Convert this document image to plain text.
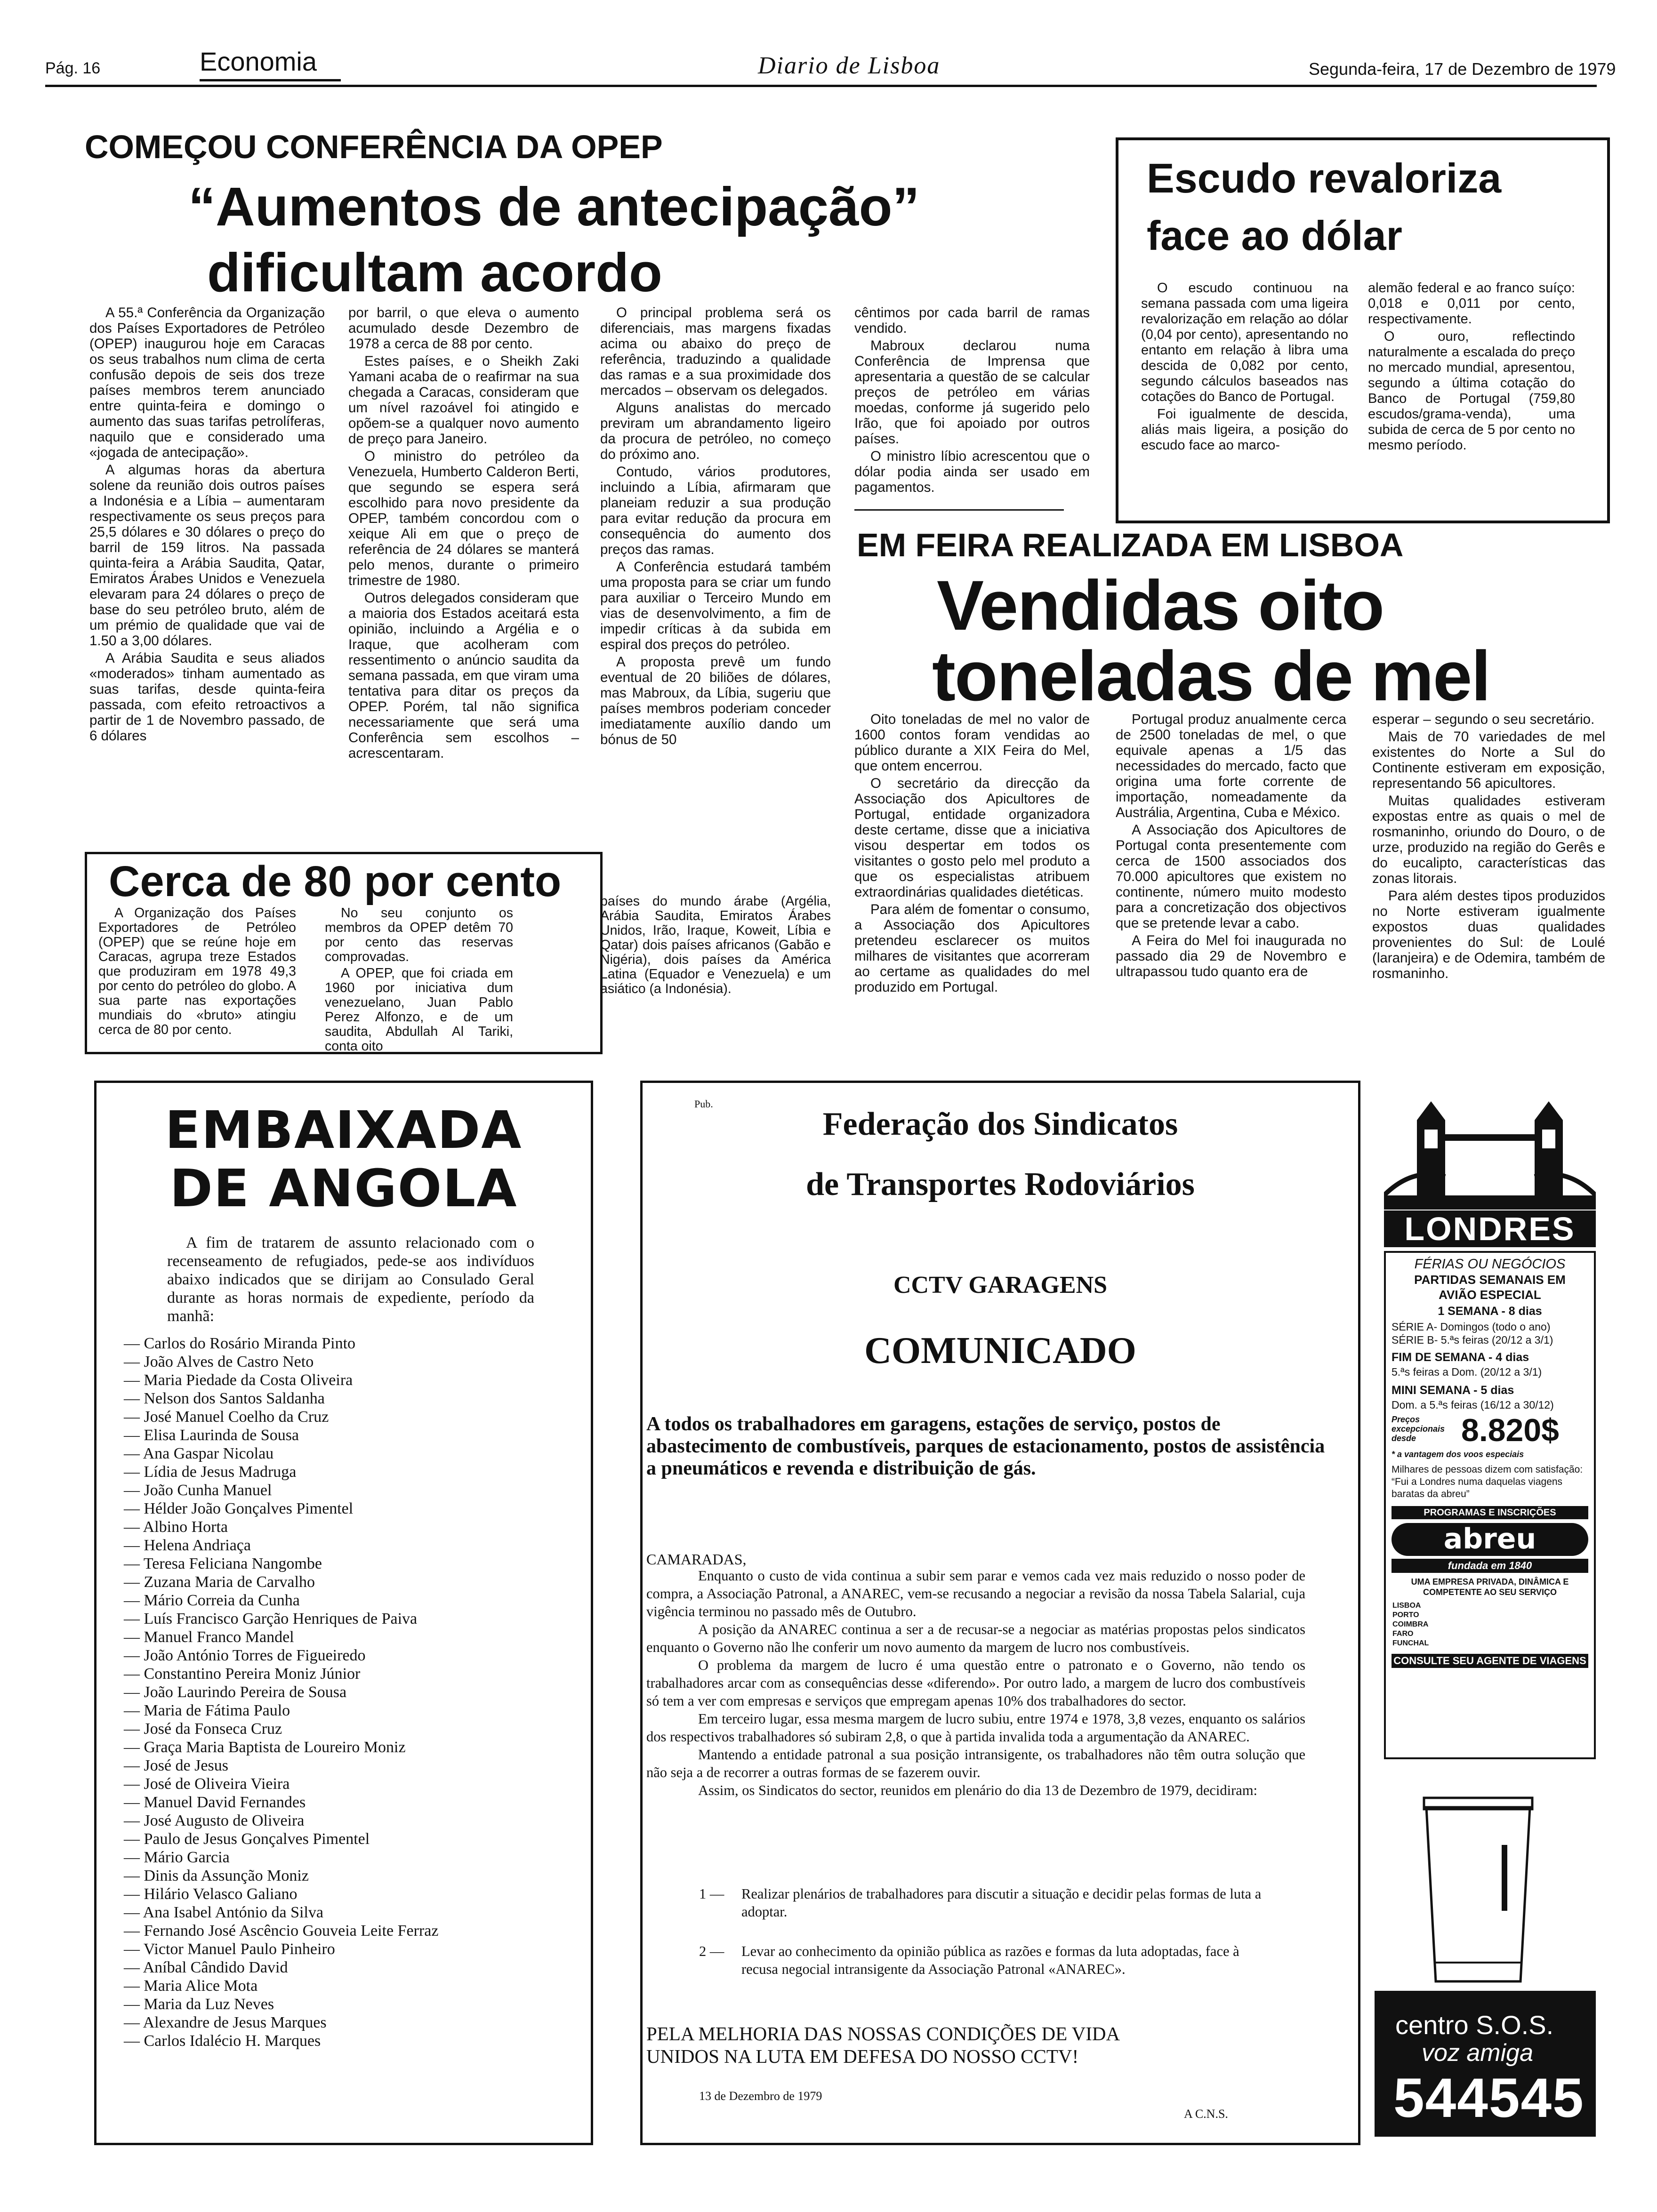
Pág. 16	Economia	Diario de Lisboa	Segunda-feira, 17 de Dezembro de 1979
COMEÇOU CONFERÊNCIA DA OPEP
“Aumentos de antecipação”
dificultam acordo

A 55.ª Conferência da Organização dos Países Exportadores de Petróleo (OPEP) inaugurou hoje em Caracas os seus trabalhos num clima de certa confusão depois de seis dos treze países membros terem anunciado entre quinta-feira e domingo o aumento das suas tarifas petrolíferas, naquilo que e considerado uma «jogada de antecipação».

A algumas horas da abertura solene da reunião dois outros países a Indonésia e a Líbia – aumentaram respectivamente os seus preços para 25,5 dólares e 30 dólares o preço do barril de 159 litros. Na passada quinta-feira a Arábia Saudita, Qatar, Emiratos Árabes Unidos e Venezuela elevaram para 24 dólares o preço de base do seu petróleo bruto, além de um prémio de qualidade que vai de 1.50 a 3,00 dólares.

A Arábia Saudita e seus aliados «moderados» tinham aumentado as suas tarifas, desde quinta-feira passada, com efeito retroactivos a partir de 1 de Novembro passado, de 6 dólares

por barril, o que eleva o aumento acumulado desde Dezembro de 1978 a cerca de 88 por cento.

Estes países, e o Sheikh Zaki Yamani acaba de o reafirmar na sua chegada a Caracas, consideram que um nível razoável foi atingido e opõem-se a qualquer novo aumento de preço para Janeiro.

O ministro do petróleo da Venezuela, Humberto Calderon Berti, que segundo se espera será escolhido para novo presidente da OPEP, também concordou com o xeique Ali em que o preço de referência de 24 dólares se manterá pelo menos, durante o primeiro trimestre de 1980.

Outros delegados consideram que a maioria dos Estados aceitará esta opinião, incluindo a Argélia e o Iraque, que acolheram com ressentimento o anúncio saudita da semana passada, em que viram uma tentativa para ditar os preços da OPEP. Porém, tal não significa necessariamente que será uma Conferência sem escolhos – acrescentaram.

O principal problema será os diferenciais, mas margens fixadas acima ou abaixo do preço de referência, traduzindo a qualidade das ramas e a sua proximidade dos mercados – observam os delegados.

Alguns analistas do mercado previram um abrandamento ligeiro da procura de petróleo, no começo do próximo ano.

Contudo, vários produtores, incluindo a Líbia, afirmaram que planeiam reduzir a sua produção para evitar redução da procura em consequência do aumento dos preços das ramas.

A Conferência estudará também uma proposta para se criar um fundo para auxiliar o Terceiro Mundo em vias de desenvolvimento, a fim de impedir críticas à da subida em espiral dos preços do petróleo.

A proposta prevê um fundo eventual de 20 biliões de dólares, mas Mabroux, da Líbia, sugeriu que países membros poderiam conceder imediatamente auxílio dando um bónus de 50

cêntimos por cada barril de ramas vendido.

Mabroux declarou numa Conferência de Imprensa que apresentaria a questão de se calcular preços de petróleo em várias moedas, conforme já sugerido pelo Irão, que foi apoiado por outros países.

O ministro líbio acrescentou que o dólar podia ainda ser usado em pagamentos.

Cerca de 80 por cento

A Organização dos Países Exportadores de Petróleo (OPEP) que se reúne hoje em Caracas, agrupa treze Estados que produziram em 1978 49,3 por cento do petróleo do globo. A sua parte nas exportações mundiais do «bruto» atingiu cerca de 80 por cento.

No seu conjunto os membros da OPEP detêm 70 por cento das reservas comprovadas.

A OPEP, que foi criada em 1960 por iniciativa dum venezuelano, Juan Pablo Perez Alfonzo, e de um saudita, Abdullah Al Tariki, conta oito

países do mundo árabe (Argélia, Arábia Saudita, Emiratos Árabes Unidos, Irão, Iraque, Koweit, Líbia e Qatar) dois países africanos (Gabão e Nigéria), dois países da América Latina (Equador e Venezuela) e um asiático (a Indonésia).

Escudo revaloriza
face ao dólar

O escudo continuou na semana passada com uma ligeira revalorização em relação ao dólar (0,04 por cento), apresentando no entanto em relação à libra uma descida de 0,082 por cento, segundo cálculos baseados nas cotações do Banco de Portugal.

Foi igualmente de descida, aliás mais ligeira, a posição do escudo face ao marco-

alemão federal e ao franco suíço: 0,018 e 0,011 por cento, respectivamente.

O ouro, reflectindo naturalmente a escalada do preço no mercado mundial, apresentou, segundo a última cotação do Banco de Portugal (759,80 escudos/grama-venda), uma subida de cerca de 5 por cento no mesmo período.

EM FEIRA REALIZADA EM LISBOA
Vendidas oito
toneladas de mel

Oito toneladas de mel no valor de 1600 contos foram vendidas ao público durante a XIX Feira do Mel, que ontem encerrou.

O secretário da direcção da Associação dos Apicultores de Portugal, entidade organizadora deste certame, disse que a iniciativa visou despertar em todos os visitantes o gosto pelo mel produto a que os especialistas atribuem extraordinárias qualidades dietéticas.

Para além de fomentar o consumo, a Associação dos Apicultores pretendeu esclarecer os muitos milhares de visitantes que acorreram ao certame as qualidades do mel produzido em Portugal.

Portugal produz anualmente cerca de 2500 toneladas de mel, o que equivale apenas a 1/5 das necessidades do mercado, facto que origina uma forte corrente de importação, nomeadamente da Austrália, Argentina, Cuba e México.

A Associação dos Apicultores de Portugal conta presentemente com cerca de 1500 associados dos 70.000 apicultores que existem no continente, número muito modesto para a concretização dos objectivos que se pretende levar a cabo.

A Feira do Mel foi inaugurada no passado dia 29 de Novembro e ultrapassou tudo quanto era de

esperar – segundo o seu secretário.

Mais de 70 variedades de mel existentes do Norte a Sul do Continente estiveram em exposição, representando 56 apicultores.

Muitas qualidades estiveram expostas entre as quais o mel de rosmaninho, oriundo do Douro, o de urze, produzido na região do Gerês e do eucalipto, características das zonas litorais.

Para além destes tipos produzidos no Norte estiveram igualmente expostos duas qualidades provenientes do Sul: de Loulé (laranjeira) e de Odemira, também de rosmaninho.

EMBAIXADA
DE ANGOLA
A fim de tratarem de assunto relacionado com o recenseamento de refugiados, pede-se aos indivíduos abaixo indicados que se dirijam ao Consulado Geral durante as horas normais de expediente, período da manhã:
— Carlos do Rosário Miranda Pinto
— João Alves de Castro Neto
— Maria Piedade da Costa Oliveira
— Nelson dos Santos Saldanha
— José Manuel Coelho da Cruz
— Elisa Laurinda de Sousa
— Ana Gaspar Nicolau
— Lídia de Jesus Madruga
— João Cunha Manuel
— Hélder João Gonçalves Pimentel
— Albino Horta
— Helena Andriaça
— Teresa Feliciana Nangombe
— Zuzana Maria de Carvalho
— Mário Correia da Cunha
— Luís Francisco Garção Henriques de Paiva
— Manuel Franco Mandel
— João António Torres de Figueiredo
— Constantino Pereira Moniz Júnior
— João Laurindo Pereira de Sousa
— Maria de Fátima Paulo
— José da Fonseca Cruz
— Graça Maria Baptista de Loureiro Moniz
— José de Jesus
— José de Oliveira Vieira
— Manuel David Fernandes
— José Augusto de Oliveira
— Paulo de Jesus Gonçalves Pimentel
— Mário Garcia
— Dinis da Assunção Moniz
— Hilário Velasco Galiano
— Ana Isabel António da Silva
— Fernando José Ascêncio Gouveia Leite Ferraz
— Victor Manuel Paulo Pinheiro
— Aníbal Cândido David
— Maria Alice Mota
— Maria da Luz Neves
— Alexandre de Jesus Marques
— Carlos Idalécio H. Marques
Pub.
Federação dos Sindicatos
de Transportes Rodoviários
CCTV GARAGENS
COMUNICADO
A todos os trabalhadores em garagens, estações de serviço, postos de abastecimento de combustíveis, parques de estacionamento, postos de assistência a pneumáticos e revenda e distribuição de gás.
CAMARADAS,

Enquanto o custo de vida continua a subir sem parar e vemos cada vez mais reduzido o nosso poder de compra, a Associação Patronal, a ANAREC, vem-se recusando a negociar a revisão da nossa Tabela Salarial, cuja vigência terminou no passado mês de Outubro.

A posição da ANAREC continua a ser a de recusar-se a negociar as matérias propostas pelos sindicatos enquanto o Governo não lhe conferir um novo aumento da margem de lucro nos combustíveis.

O problema da margem de lucro é uma questão entre o patronato e o Governo, não tendo os trabalhadores arcar com as consequências desse «diferendo». Por outro lado, a margem de lucro dos combustíveis só tem a ver com empresas e serviços que empregam apenas 10% dos trabalhadores do sector.

Em terceiro lugar, essa mesma margem de lucro subiu, entre 1974 e 1978, 3,8 vezes, enquanto os salários dos respectivos trabalhadores só subiram 2,8, o que à partida invalida toda a argumentação da ANAREC.

Mantendo a entidade patronal a sua posição intransigente, os trabalhadores não têm outra solução que não seja a de recorrer a outras formas de se fazerem ouvir.

Assim, os Sindicatos do sector, reunidos em plenário do dia 13 de Dezembro de 1979, decidiram:

1 — Realizar plenários de trabalhadores para discutir a situação e decidir pelas formas de luta a adoptar.
2 — Levar ao conhecimento da opinião pública as razões e formas da luta adoptadas, face à recusa negocial intransigente da Associação Patronal «ANAREC».
PELA MELHORIA DAS NOSSAS CONDIÇÕES DE VIDA
UNIDOS NA LUTA EM DEFESA DO NOSSO CCTV!
13 de Dezembro de 1979
A C.N.S.
LONDRES
FÉRIAS OU NEGÓCIOS
PARTIDAS SEMANAIS EM
AVIÃO ESPECIAL
1 SEMANA - 8 dias
SÉRIE A- Domingos (todo o ano)
SÉRIE B- 5.ªs feiras (20/12 a 3/1)
FIM DE SEMANA - 4 dias
5.ªs feiras a Dom. (20/12 a 3/1)
MINI SEMANA - 5 dias
Dom. a 5.ªs feiras (16/12 a 30/12)
Preços excepcionais desde	8.820$
* a vantagem dos voos especiais
Milhares de pessoas dizem com satisfação: “Fui a Londres numa daquelas viagens baratas da abreu”
PROGRAMAS E INSCRIÇÕES
abreu
fundada em 1840
UMA EMPRESA PRIVADA, DINÂMICA E COMPETENTE AO SEU SERVIÇO
LISBOA
PORTO
COIMBRA
FARO
FUNCHAL
CONSULTE SEU AGENTE DE VIAGENS
centro S.O.S.
voz amiga
544545
